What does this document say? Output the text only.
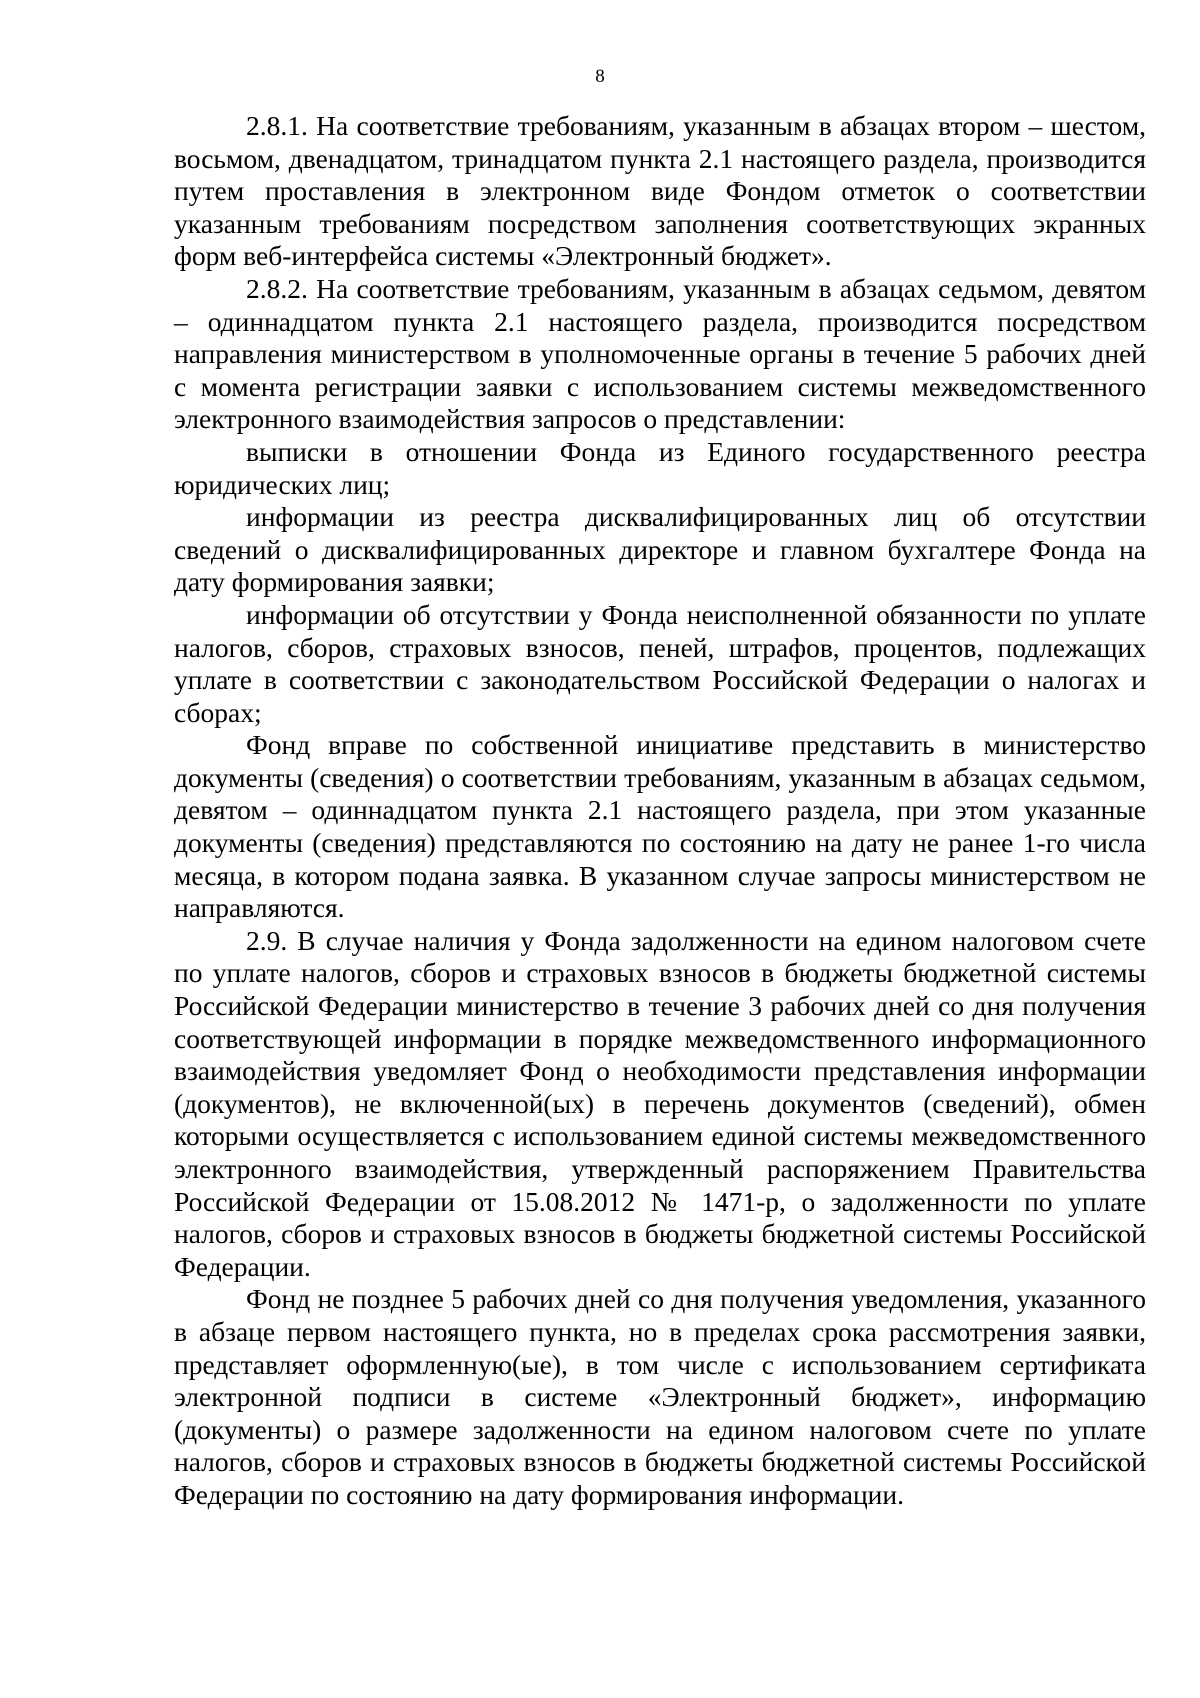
8

2.8.1. На соответствие требованиям, указанным в абзацах втором – шестом, восьмом, двенадцатом, тринадцатом пункта 2.1 настоящего раздела, производится путем проставления в электронном виде Фондом отметок о соответствии указанным требованиям посредством заполнения соответствующих экранных форм веб-интерфейса системы «Электронный бюджет».

2.8.2. На соответствие требованиям, указанным в абзацах седьмом, девятом – одиннадцатом пункта 2.1 настоящего раздела, производится посредством направления министерством в уполномоченные органы в течение 5 рабочих дней с момента регистрации заявки с использованием системы межведомственного электронного взаимодействия запросов о представлении:

выписки в отношении Фонда из Единого государственного реестра юридических лиц;

информации из реестра дисквалифицированных лиц об отсутствии сведений о дисквалифицированных директоре и главном бухгалтере Фонда на дату формирования заявки;

информации об отсутствии у Фонда неисполненной обязанности по уплате налогов, сборов, страховых взносов, пеней, штрафов, процентов, подлежащих уплате в соответствии с законодательством Российской Федерации о налогах и сборах;

Фонд вправе по собственной инициативе представить в министерство документы (сведения) о соответствии требованиям, указанным в абзацах седьмом, девятом – одиннадцатом пункта 2.1 настоящего раздела, при этом указанные документы (сведения) представляются по состоянию на дату не ранее 1-го числа месяца, в котором подана заявка. В указанном случае запросы министерством не направляются.

2.9. В случае наличия у Фонда задолженности на едином налоговом счете по уплате налогов, сборов и страховых взносов в бюджеты бюджетной системы Российской Федерации министерство в течение 3 рабочих дней со дня получения соответствующей информации в порядке межведомственного информационного взаимодействия уведомляет Фонд о необходимости представления информации (документов), не включенной(ых) в перечень документов (сведений), обмен которыми осуществляется с использованием единой системы межведомственного электронного взаимодействия, утвержденный распоряжением Правительства Российской Федерации от 15.08.2012 № 1471-р, о задолженности по уплате налогов, сборов и страховых взносов в бюджеты бюджетной системы Российской Федерации.

Фонд не позднее 5 рабочих дней со дня получения уведомления, указанного в абзаце первом настоящего пункта, но в пределах срока рассмотрения заявки, представляет оформленную(ые), в том числе с использованием сертификата электронной подписи в системе «Электронный бюджет», информацию (документы) о размере задолженности на едином налоговом счете по уплате налогов, сборов и страховых взносов в бюджеты бюджетной системы Российской Федерации по состоянию на дату формирования информации.
